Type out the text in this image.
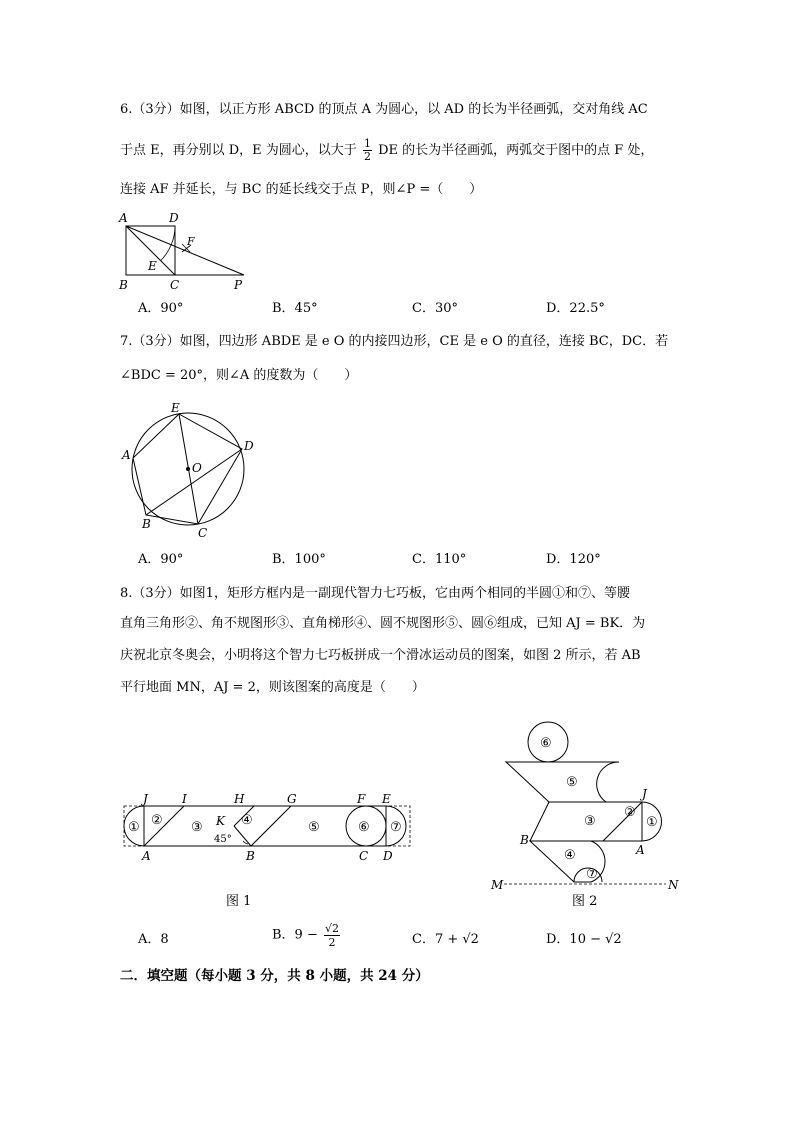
6.（3分）如图，以正方形 ABCD 的顶点 A 为圆心，以 AD 的长为半径画弧，交对角线 AC
于点 E，再分别以 D，E 为圆心，以大于 $\frac{1}{2}$ DE 的长为半径画弧，两弧交于图中的点 F 处，
连接 AF 并延长，与 BC 的延长线交于点 P，则∠P =（　　）
A	D
F
E
B	C	P
A．90°	B．45°	C．30°	D．22.5°
7.（3分）如图，四边形 ABDE 是 e O 的内接四边形，CE 是 e O 的直径，连接 BC，DC．若
∠BDC = 20°，则∠A 的度数为（　　）
E
D
A
O
B
C
A．90°	B．100°	C．110°	D．120°
8.（3分）如图1，矩形方框内是一副现代智力七巧板，它由两个相同的半圆①和⑦、等腰
直角三角形②、角不规图形③、直角梯形④、圆不规图形⑤、圆⑥组成，已知 AJ = BK．为
庆祝北京冬奥会，小明将这个智力七巧板拼成一个滑冰运动员的图案，如图 2 所示，若 AB
平行地面 MN，AJ = 2，则该图案的高度是（　　）
J	I	H	G	F E
K
45°
A	B	C D
① ② ③	④	⑤	⑥ ⑦
图 1
⑥
⑤
③
②
①
④
⑦
J
B
A
M	N
图 2
A．8	B．$9 - \frac{√2}{2}$	C．7 + √2	D．10 − √2
二．填空题（每小题 3 分，共 8 小题，共 24 分）
